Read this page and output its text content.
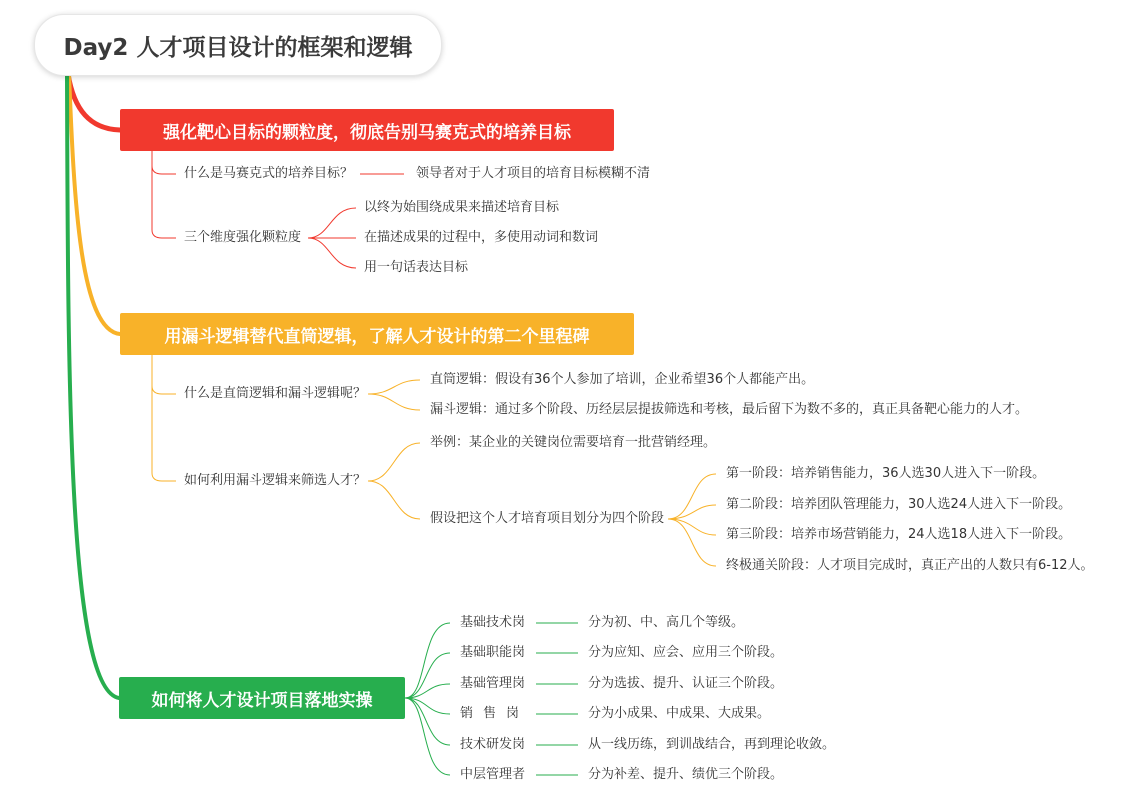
Day2 人才项目设计的框架和逻辑
强化靶心目标的颗粒度，彻底告别马赛克式的培养目标
什么是马赛克式的培养目标？	领导者对于人才项目的培育目标模糊不清
三个维度强化颗粒度
以终为始围绕成果来描述培育目标
在描述成果的过程中，多使用动词和数词
用一句话表达目标
用漏斗逻辑替代直筒逻辑，了解人才设计的第二个里程碑
什么是直筒逻辑和漏斗逻辑呢？
直筒逻辑：假设有36个人参加了培训，企业希望36个人都能产出。
漏斗逻辑：通过多个阶段、历经层层提拔筛选和考核，最后留下为数不多的，真正具备靶心能力的人才。
如何利用漏斗逻辑来筛选人才？
举例：某企业的关键岗位需要培育一批营销经理。
假设把这个人才培育项目划分为四个阶段
第一阶段：培养销售能力，36人选30人进入下一阶段。
第二阶段：培养团队管理能力，30人选24人进入下一阶段。
第三阶段：培养市场营销能力，24人选18人进入下一阶段。
终极通关阶段：人才项目完成时，真正产出的人数只有6-12人。
如何将人才设计项目落地实操
基础技术岗	分为初、中、高几个等级。
基础职能岗	分为应知、应会、应用三个阶段。
基础管理岗	分为选拔、提升、认证三个阶段。
销售岗	分为小成果、中成果、大成果。
技术研发岗	从一线历练，到训战结合，再到理论收敛。
中层管理者	分为补差、提升、绩优三个阶段。
